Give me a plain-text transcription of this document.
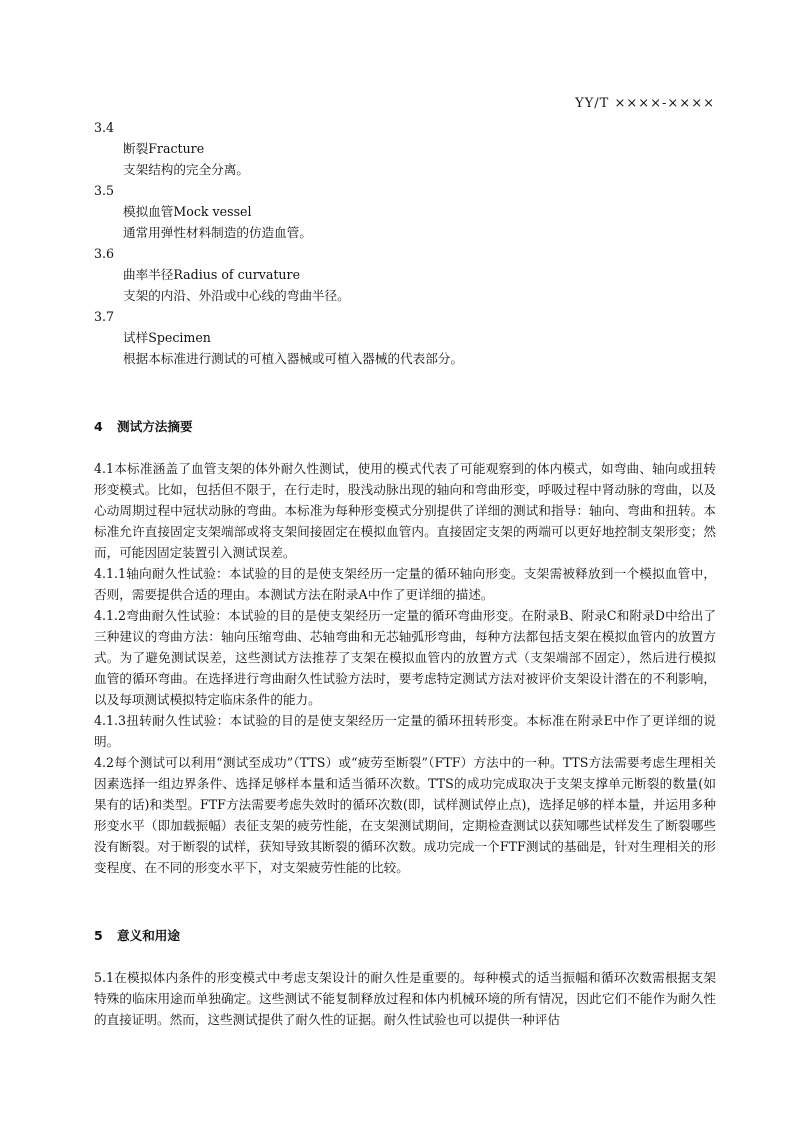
YY/T ××××-××××

3.4

断裂Fracture

支架结构的完全分离。

3.5

模拟血管Mock vessel

通常用弹性材料制造的仿造血管。

3.6

曲率半径Radius of curvature

支架的内沿、外沿或中心线的弯曲半径。

3.7

试样Specimen

根据本标准进行测试的可植入器械或可植入器械的代表部分。

4 测试方法摘要

4.1本标准涵盖了血管支架的体外耐久性测试，使用的模式代表了可能观察到的体内模式，如弯曲、轴向或扭转形变模式。比如，包括但不限于，在行走时，股浅动脉出现的轴向和弯曲形变，呼吸过程中肾动脉的弯曲，以及心动周期过程中冠状动脉的弯曲。本标准为每种形变模式分别提供了详细的测试和指导：轴向、弯曲和扭转。本标准允许直接固定支架端部或将支架间接固定在模拟血管内。直接固定支架的两端可以更好地控制支架形变；然而，可能因固定装置引入测试误差。

4.1.1轴向耐久性试验：本试验的目的是使支架经历一定量的循环轴向形变。支架需被释放到一个模拟血管中，否则，需要提供合适的理由。本测试方法在附录A中作了更详细的描述。

4.1.2弯曲耐久性试验：本试验的目的是使支架经历一定量的循环弯曲形变。在附录B、附录C和附录D中给出了三种建议的弯曲方法：轴向压缩弯曲、芯轴弯曲和无芯轴弧形弯曲，每种方法都包括支架在模拟血管内的放置方式。为了避免测试误差，这些测试方法推荐了支架在模拟血管内的放置方式（支架端部不固定），然后进行模拟血管的循环弯曲。在选择进行弯曲耐久性试验方法时，要考虑特定测试方法对被评价支架设计潜在的不利影响，以及每项测试模拟特定临床条件的能力。

4.1.3扭转耐久性试验：本试验的目的是使支架经历一定量的循环扭转形变。本标准在附录E中作了更详细的说明。

4.2每个测试可以利用“测试至成功”（TTS）或“疲劳至断裂”（FTF）方法中的一种。TTS方法需要考虑生理相关因素选择一组边界条件、选择足够样本量和适当循环次数。TTS的成功完成取决于支架支撑单元断裂的数量(如果有的话)和类型。FTF方法需要考虑失效时的循环次数(即，试样测试停止点)，选择足够的样本量，并运用多种形变水平（即加载振幅）表征支架的疲劳性能，在支架测试期间，定期检查测试以获知哪些试样发生了断裂哪些没有断裂。对于断裂的试样，获知导致其断裂的循环次数。成功完成一个FTF测试的基础是，针对生理相关的形变程度、在不同的形变水平下，对支架疲劳性能的比较。

5 意义和用途

5.1在模拟体内条件的形变模式中考虑支架设计的耐久性是重要的。每种模式的适当振幅和循环次数需根据支架特殊的临床用途而单独确定。这些测试不能复制释放过程和体内机械环境的所有情况，因此它们不能作为耐久性的直接证明。然而，这些测试提供了耐久性的证据。耐久性试验也可以提供一种评估
